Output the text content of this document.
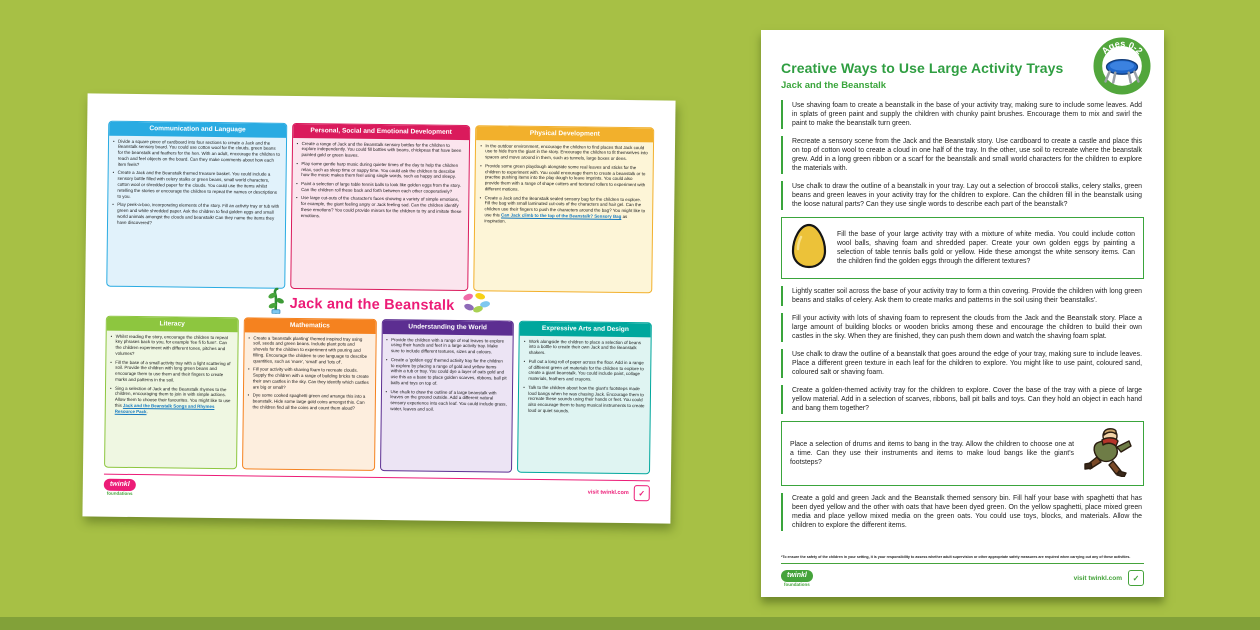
Communication and Language
• Divide a square piece of cardboard into four sections to create a Jack and the Beanstalk sensory board. You could use cotton wool for the clouds, green beans for the beanstalk and feathers for the hen. With an adult, encourage the children to reach and feel objects on the board. Can they make comments about how each item feels?
• Create a Jack and the Beanstalk themed treasure basket. You could include a sensory bottle filled with celery stalks or green beans, small world characters, cotton wool or shredded paper for the clouds. You could use the items whilst retelling the stories or encourage the children to repeat the names or descriptions to you.
• Play peek-a-boo, incorporating elements of the story. Fill an activity tray or tub with green and white shredded paper. Ask the children to find golden eggs and small world animals amongst the clouds and beanstalk! Can they name the items they have discovered?
Personal, Social and Emotional Development
• Create a range of Jack and the Beanstalk sensory bottles for the children to explore independently. You could fill bottles with beans, chickpeas that have been painted gold or green leaves.
• Play some gentle harp music during quieter times of the day to help the children relax, such as sleep time or nappy time. You could ask the children to describe how the music makes them feel using single words, such as happy and sleepy.
• Paint a selection of large table tennis balls to look like golden eggs from the story. Can the children roll these back and forth between each other cooperatively?
• Use large cut-outs of the character's faces showing a variety of simple emotions, for example, the giant feeling angry or Jack feeling sad. Can the children identify these emotions? You could provide mirrors for the children to try and imitate these emotions.
Physical Development
• In the outdoor environment, encourage the children to find places that Jack could use to hide from the giant in the story. Encourage the children to fit themselves into spaces and move around in them, such as tunnels, large boxes or dens.
• Provide some green playdough alongside some real leaves and sticks for the children to experiment with. You could encourage them to create a beanstalk or to practise pushing items into the play dough to leave imprints. You could also provide them with a range of shape cutters and textured rollers to experiment with different motions.
• Create a Jack and the Beanstalk sealed sensory bag for the children to explore. Fill the bag with small laminated cut-outs of the characters and hair gel. Can the children use their fingers to push the characters around the bag? You might like to use this Can Jack climb to the top of the Beanstalk? Sensory Bag as inspiration.
Jack and the Beanstalk
Literacy
• Whilst reading the story, encourage the children to repeat key phrases back to you, for example 'fee fi fo fum!'. Can the children experiment with different tones, pitches and volumes?
• Fill the base of a small activity tray with a light scattering of soil. Provide the children with long green beans and encourage them to use them and their fingers to create marks and patterns in the soil.
• Sing a selection of Jack and the Beanstalk rhymes to the children, encouraging them to join in with simple actions. Allow them to choose their favourites. You might like to use this Jack and the Beanstalk Songs and Rhymes Resource Pack.
Mathematics
• Create a 'beanstalk planting' themed inspired tray using soil, seeds and green beans. Include plant pots and shovels for the children to experiment with pouring and filling. Encourage the children to use language to describe quantities, such as 'more', 'small' and 'lots of'.
• Fill your activity with shaving foam to recreate clouds. Supply the children with a range of building bricks to create their own castles in the sky. Can they identify which castles are big or small?
• Dye some cooked spaghetti green and arrange this into a beanstalk. Hide some large gold coins amongst this. Can the children find all the coins and count them aloud?
Understanding the World
• Provide the children with a range of real leaves to explore using their hands and feet in a large activity tray. Make sure to include different textures, sizes and colours.
• Create a 'golden egg' themed activity tray for the children to explore by placing a range of gold and yellow items within a tub or tray. You could dye a layer of oats gold and use this as a base to place golden scarves, ribbons, ball pit balls and toys on top of.
• Use chalk to draw the outline of a large beanstalk with leaves on the ground outside. Add a different natural sensory experience into each leaf. You could include grass, water, leaves and soil.
Expressive Arts and Design
• Work alongside the children to place a selection of beans into a bottle to create their own Jack and the Beanstalk shakers.
• Pull out a long roll of paper across the floor. Add in a range of different green art materials for the children to explore to create a giant beanstalk. You could include paint, collage materials, feathers and crayons.
• Talk to the children about how the giant's footsteps made loud bangs when he was chasing Jack. Encourage them to recreate these sounds using their hands or feet. You could also encourage them to bang musical instruments to create loud or quiet sounds.
twinkl
foundations	visit twinkl.com	✓
Ages 0-2
Creative Ways to Use Large Activity Trays
Jack and the Beanstalk
Use shaving foam to create a beanstalk in the base of your activity tray, making sure to include some leaves. Add in splats of green paint and supply the children with chunky paint brushes. Encourage them to mix and swirl the paint to make the beanstalk turn green.
Recreate a sensory scene from the Jack and the Beanstalk story. Use cardboard to create a castle and place this on top of cotton wool to create a cloud in one half of the tray. In the other, use soil to recreate where the beanstalk grew. Add in a long green ribbon or a scarf for the beanstalk and small world characters for the children to explore the materials with.
Use chalk to draw the outline of a beanstalk in your tray. Lay out a selection of broccoli stalks, celery stalks, green beans and green leaves in your activity tray for the children to explore. Can the children fill in the beanstalk using the loose natural parts? Can they use single words to describe each part of the beanstalk?
Fill the base of your large activity tray with a mixture of white media. You could include cotton wool balls, shaving foam and shredded paper. Create your own golden eggs by painting a selection of table tennis balls gold or yellow. Hide these amongst the white sensory items. Can the children find the golden eggs through the different textures?
Lightly scatter soil across the base of your activity tray to form a thin covering. Provide the children with long green beans and stalks of celery. Ask them to create marks and patterns in the soil using their 'beanstalks'.
Fill your activity with lots of shaving foam to represent the clouds from the Jack and the Beanstalk story. Place a large amount of building blocks or wooden bricks among these and encourage the children to build their own castles in the sky. When they are finished, they can push them down and watch the shaving foam splat.
Use chalk to draw the outline of a beanstalk that goes around the edge of your tray, making sure to include leaves. Place a different green texture in each leaf for the children to explore. You might like to use paint, coloured sand, coloured salt or shaving foam.
Create a golden-themed activity tray for the children to explore. Cover the base of the tray with a piece of large yellow material. Add in a selection of scarves, ribbons, ball pit balls and toys. Can they hold an object in each hand and bang them together?
Place a selection of drums and items to bang in the tray. Allow the children to choose one at a time. Can they use their instruments and items to make loud bangs like the giant's footsteps?
Create a gold and green Jack and the Beanstalk themed sensory bin. Fill half your base with spaghetti that has been dyed yellow and the other with oats that have been dyed green. On the yellow spaghetti, place mixed green media and place yellow mixed media on the green oats. You could use toys, blocks, and materials. Allow the children to explore the different items.
*To ensure the safety of the children in your setting, it is your responsibility to assess whether adult supervision or other appropriate safety measures are required when carrying out any of these activities.
twinkl
foundations
visit twinkl.com	✓
